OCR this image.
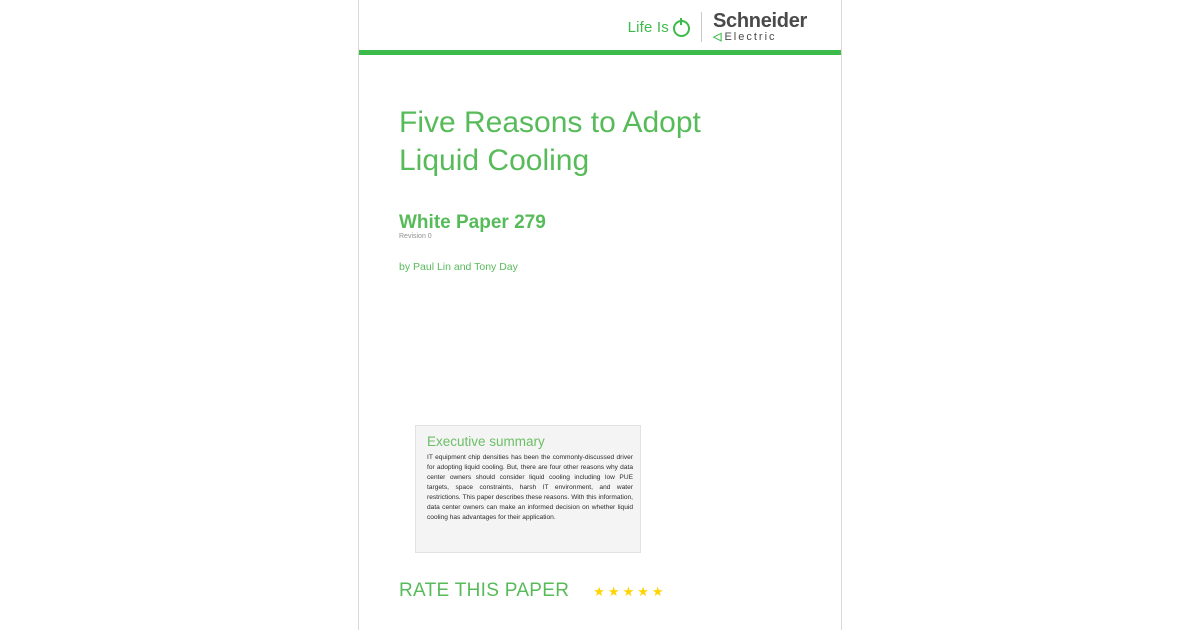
Life Is Schneider
◁ Electric
Five Reasons to Adopt Liquid Cooling
White Paper 279
Revision 0
by Paul Lin and Tony Day
Executive summary
IT equipment chip densities has been the commonly-discussed driver for adopting liquid cooling. But, there are four other reasons why data center owners should consider liquid cooling including low PUE targets, space constraints, harsh IT environment, and water restrictions. This paper describes these reasons. With this information, data center owners can make an informed decision on whether liquid cooling has advantages for their application.
RATE THIS PAPER ★ ★ ★ ★ ★
